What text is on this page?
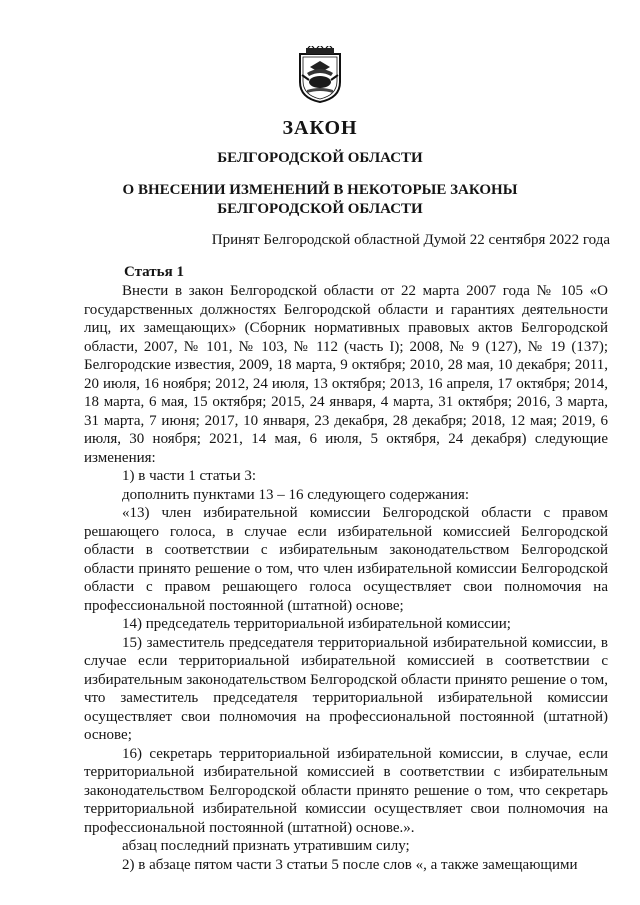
ЗАКОН
БЕЛГОРОДСКОЙ ОБЛАСТИ
О ВНЕСЕНИИ ИЗМЕНЕНИЙ В НЕКОТОРЫЕ ЗАКОНЫ
БЕЛГОРОДСКОЙ ОБЛАСТИ
Принят Белгородской областной Думой 22 сентября 2022 года
Статья 1

Внести в закон Белгородской области от 22 марта 2007 года № 105 «О государственных должностях Белгородской области и гарантиях деятельности лиц, их замещающих» (Сборник нормативных правовых актов Белгородской области, 2007, № 101, № 103, № 112 (часть I); 2008, № 9 (127), № 19 (137); Белгородские известия, 2009, 18 марта, 9 октября; 2010, 28 мая, 10 декабря; 2011, 20 июля, 16 ноября; 2012, 24 июля, 13 октября; 2013, 16 апреля, 17 октября; 2014, 18 марта, 6 мая, 15 октября; 2015, 24 января, 4 марта, 31 октября; 2016, 3 марта, 31 марта, 7 июня; 2017, 10 января, 23 декабря, 28 декабря; 2018, 12 мая; 2019, 6 июля, 30 ноября; 2021, 14 мая, 6 июля, 5 октября, 24 декабря) следующие изменения:

1) в части 1 статьи 3:

дополнить пунктами 13 – 16 следующего содержания:

«13) член избирательной комиссии Белгородской области с правом решающего голоса, в случае если избирательной комиссией Белгородской области в соответствии с избирательным законодательством Белгородской области принято решение о том, что член избирательной комиссии Белгородской области с правом решающего голоса осуществляет свои полномочия на профессиональной постоянной (штатной) основе;

14) председатель территориальной избирательной комиссии;

15) заместитель председателя территориальной избирательной комиссии, в случае если территориальной избирательной комиссией в соответствии с избирательным законодательством Белгородской области принято решение о том, что заместитель председателя территориальной избирательной комиссии осуществляет свои полномочия на профессиональной постоянной (штатной) основе;

16) секретарь территориальной избирательной комиссии, в случае, если территориальной избирательной комиссией в соответствии с избирательным законодательством Белгородской области принято решение о том, что секретарь территориальной избирательной комиссии осуществляет свои полномочия на профессиональной постоянной (штатной) основе.».

абзац последний признать утратившим силу;

2) в абзаце пятом части 3 статьи 5 после слов «, а также замещающими
